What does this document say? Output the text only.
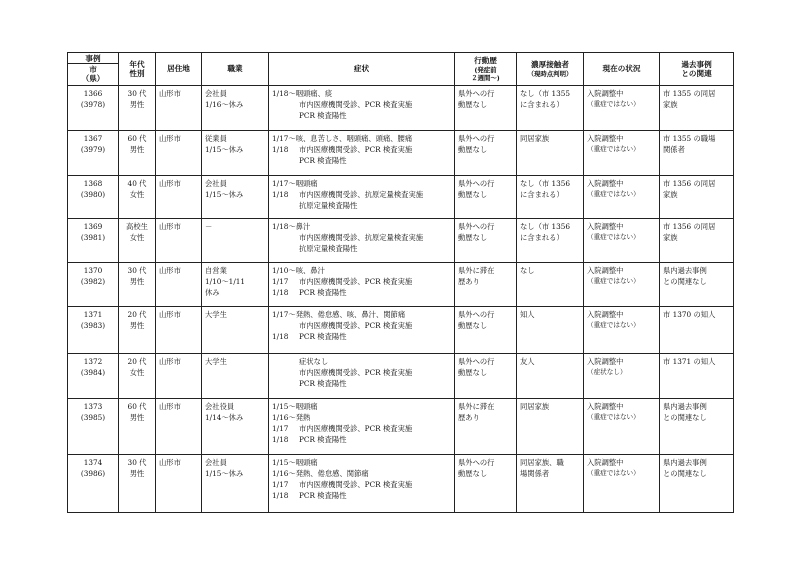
事例
市
（県）	年代
性別	居住地	職業	症状	行動歴
(発症前
２週間～)	濃厚接触者
（現時点判明）	現在の状況	過去事例
との関連

1366
(3978)	30 代
男性	山形市	会社員
1/16～休み	1/18～咽頭痛、痰
市内医療機関受診、PCR 検査実施
PCR 検査陽性	県外への行
動歴なし	なし（市 1355
に含まれる）	入院調整中
（重症ではない）	市 1355 の同居
家族

1367
(3979)	60 代
男性	山形市	従業員
1/15～休み	1/17～咳、息苦しさ、咽頭痛、頭痛、腰痛
1/18 市内医療機関受診、PCR 検査実施
PCR 検査陽性	県外への行
動歴なし	同居家族	入院調整中
（重症ではない）	市 1355 の職場
関係者

1368
(3980)	40 代
女性	山形市	会社員
1/15～休み	1/17～咽頭痛
1/18 市内医療機関受診、抗原定量検査実施
抗原定量検査陽性	県外への行
動歴なし	なし（市 1356
に含まれる）	入院調整中
（重症ではない）	市 1356 の同居
家族

1369
(3981)	高校生
女性	山形市	－	1/18～鼻汁
市内医療機関受診、抗原定量検査実施
抗原定量検査陽性	県外への行
動歴なし	なし（市 1356
に含まれる）	入院調整中
（重症ではない）	市 1356 の同居
家族

1370
(3982)	30 代
男性	山形市	自営業
1/10～1/11
休み	1/10～咳、鼻汁
1/17 市内医療機関受診、PCR 検査実施
1/18 PCR 検査陽性	県外に滞在
歴あり	なし	入院調整中
（重症ではない）	県内過去事例
との関連なし

1371
(3983)	20 代
男性	山形市	大学生	1/17～発熱、倦怠感、咳、鼻汁、関節痛
市内医療機関受診、PCR 検査実施
1/18 PCR 検査陽性	県外への行
動歴なし	知人	入院調整中
（重症ではない）	市 1370 の知人

1372
(3984)	20 代
女性	山形市	大学生	症状なし
市内医療機関受診、PCR 検査実施
PCR 検査陽性	県外への行
動歴なし	友人	入院調整中
（症状なし）	市 1371 の知人

1373
(3985)	60 代
男性	山形市	会社役員
1/14～休み	1/15～咽頭痛
1/16～発熱
1/17 市内医療機関受診、PCR 検査実施
1/18 PCR 検査陽性	県外に滞在
歴あり	同居家族	入院調整中
（重症ではない）	県内過去事例
との関連なし

1374
(3986)	30 代
男性	山形市	会社員
1/15～休み	1/15～咽頭痛
1/16～発熱、倦怠感、関節痛
1/17 市内医療機関受診、PCR 検査実施
1/18 PCR 検査陽性	県外への行
動歴なし	同居家族、職
場関係者	入院調整中
（重症ではない）	県内過去事例
との関連なし
